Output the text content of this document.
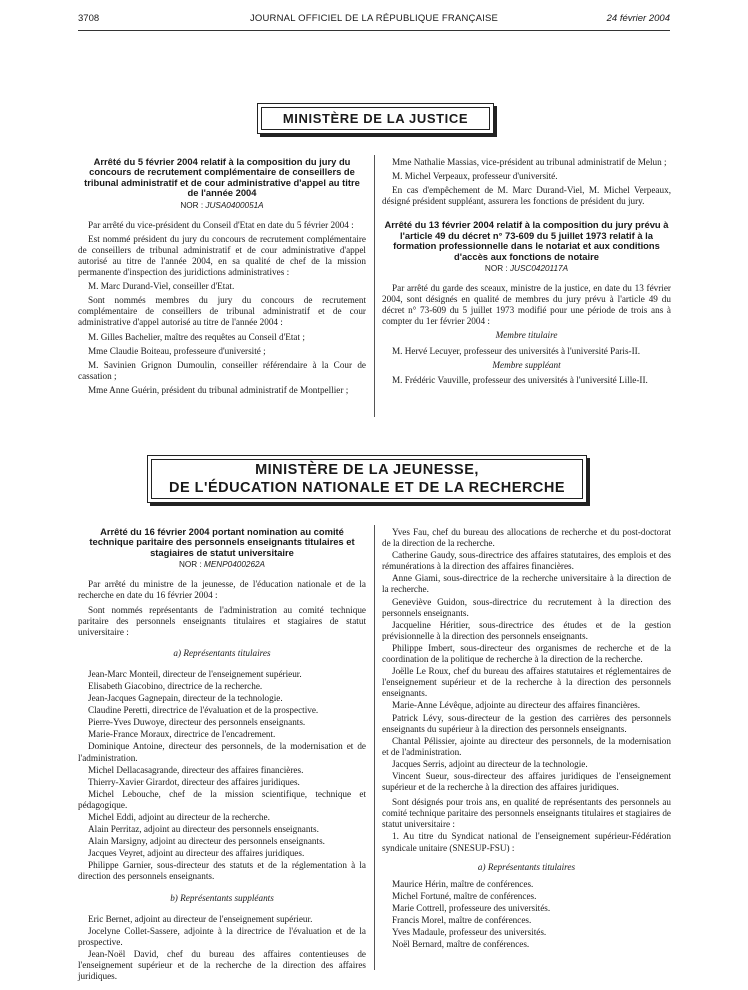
3708	JOURNAL OFFICIEL DE LA RÉPUBLIQUE FRANÇAISE	24 février 2004
MINISTÈRE DE LA JUSTICE
Arrêté du 5 février 2004 relatif à la composition du jury du concours de recrutement complémentaire de conseillers de tribunal administratif et de cour administrative d'appel au titre de l'année 2004
NOR : JUSA0400051A

Par arrêté du vice-président du Conseil d'Etat en date du 5 février 2004 :

Est nommé président du jury du concours de recrutement complémentaire de conseillers de tribunal administratif et de cour administrative d'appel autorisé au titre de l'année 2004, en sa qualité de chef de la mission permanente d'inspection des juridictions administratives :

M. Marc Durand-Viel, conseiller d'Etat.

Sont nommés membres du jury du concours de recrutement complémentaire de conseillers de tribunal administratif et de cour administrative d'appel autorisé au titre de l'année 2004 :

M. Gilles Bachelier, maître des requêtes au Conseil d'Etat ;

Mme Claudie Boiteau, professeure d'université ;

M. Savinien Grignon Dumoulin, conseiller référendaire à la Cour de cassation ;

Mme Anne Guérin, président du tribunal administratif de Montpellier ;

Mme Nathalie Massias, vice-président au tribunal administratif de Melun ;

M. Michel Verpeaux, professeur d'université.

En cas d'empêchement de M. Marc Durand-Viel, M. Michel Verpeaux, désigné président suppléant, assurera les fonctions de président du jury.

Arrêté du 13 février 2004 relatif à la composition du jury prévu à l'article 49 du décret n° 73-609 du 5 juillet 1973 relatif à la formation professionnelle dans le notariat et aux conditions d'accès aux fonctions de notaire
NOR : JUSC0420117A

Par arrêté du garde des sceaux, ministre de la justice, en date du 13 février 2004, sont désignés en qualité de membres du jury prévu à l'article 49 du décret n° 73-609 du 5 juillet 1973 modifié pour une période de trois ans à compter du 1er février 2004 :

Membre titulaire

M. Hervé Lecuyer, professeur des universités à l'université Paris-II.

Membre suppléant

M. Frédéric Vauville, professeur des universités à l'université Lille-II.

MINISTÈRE DE LA JEUNESSE,
DE L'ÉDUCATION NATIONALE ET DE LA RECHERCHE
Arrêté du 16 février 2004 portant nomination au comité technique paritaire des personnels enseignants titulaires et stagiaires de statut universitaire
NOR : MENP0400262A

Par arrêté du ministre de la jeunesse, de l'éducation nationale et de la recherche en date du 16 février 2004 :

Sont nommés représentants de l'administration au comité technique paritaire des personnels enseignants titulaires et stagiaires de statut universitaire :

a) Représentants titulaires

Jean-Marc Monteil, directeur de l'enseignement supérieur.

Elisabeth Giacobino, directrice de la recherche.

Jean-Jacques Gagnepain, directeur de la technologie.

Claudine Peretti, directrice de l'évaluation et de la prospective.

Pierre-Yves Duwoye, directeur des personnels enseignants.

Marie-France Moraux, directrice de l'encadrement.

Dominique Antoine, directeur des personnels, de la modernisation et de l'administration.

Michel Dellacasagrande, directeur des affaires financières.

Thierry-Xavier Girardot, directeur des affaires juridiques.

Michel Lebouche, chef de la mission scientifique, technique et pédagogique.

Michel Eddi, adjoint au directeur de la recherche.

Alain Perritaz, adjoint au directeur des personnels enseignants.

Alain Marsigny, adjoint au directeur des personnels enseignants.

Jacques Veyret, adjoint au directeur des affaires juridiques.

Philippe Garnier, sous-directeur des statuts et de la réglementation à la direction des personnels enseignants.

b) Représentants suppléants

Eric Bernet, adjoint au directeur de l'enseignement supérieur.

Jocelyne Collet-Sassere, adjointe à la directrice de l'évaluation et de la prospective.

Jean-Noël David, chef du bureau des affaires contentieuses de l'enseignement supérieur et de la recherche de la direction des affaires juridiques.

Yves Fau, chef du bureau des allocations de recherche et du post-doctorat de la direction de la recherche.

Catherine Gaudy, sous-directrice des affaires statutaires, des emplois et des rémunérations à la direction des affaires financières.

Anne Giami, sous-directrice de la recherche universitaire à la direction de la recherche.

Geneviève Guidon, sous-directrice du recrutement à la direction des personnels enseignants.

Jacqueline Héritier, sous-directrice des études et de la gestion prévisionnelle à la direction des personnels enseignants.

Philippe Imbert, sous-directeur des organismes de recherche et de la coordination de la politique de recherche à la direction de la recherche.

Joëlle Le Roux, chef du bureau des affaires statutaires et réglementaires de l'enseignement supérieur et de la recherche à la direction des personnels enseignants.

Marie-Anne Lévêque, adjointe au directeur des affaires financières.

Patrick Lévy, sous-directeur de la gestion des carrières des personnels enseignants du supérieur à la direction des personnels enseignants.

Chantal Pélissier, ajointe au directeur des personnels, de la modernisation et de l'administration.

Jacques Serris, adjoint au directeur de la technologie.

Vincent Sueur, sous-directeur des affaires juridiques de l'enseignement supérieur et de la recherche à la direction des affaires juridiques.

Sont désignés pour trois ans, en qualité de représentants des personnels au comité technique paritaire des personnels enseignants titulaires et stagiaires de statut universitaire :

1. Au titre du Syndicat national de l'enseignement supérieur-Fédération syndicale unitaire (SNESUP-FSU) :

a) Représentants titulaires

Maurice Hérin, maître de conférences.

Michel Fortuné, maître de conférences.

Marie Cottrell, professeure des universités.

Francis Morel, maître de conférences.

Yves Madaule, professeur des universités.

Noël Bernard, maître de conférences.
